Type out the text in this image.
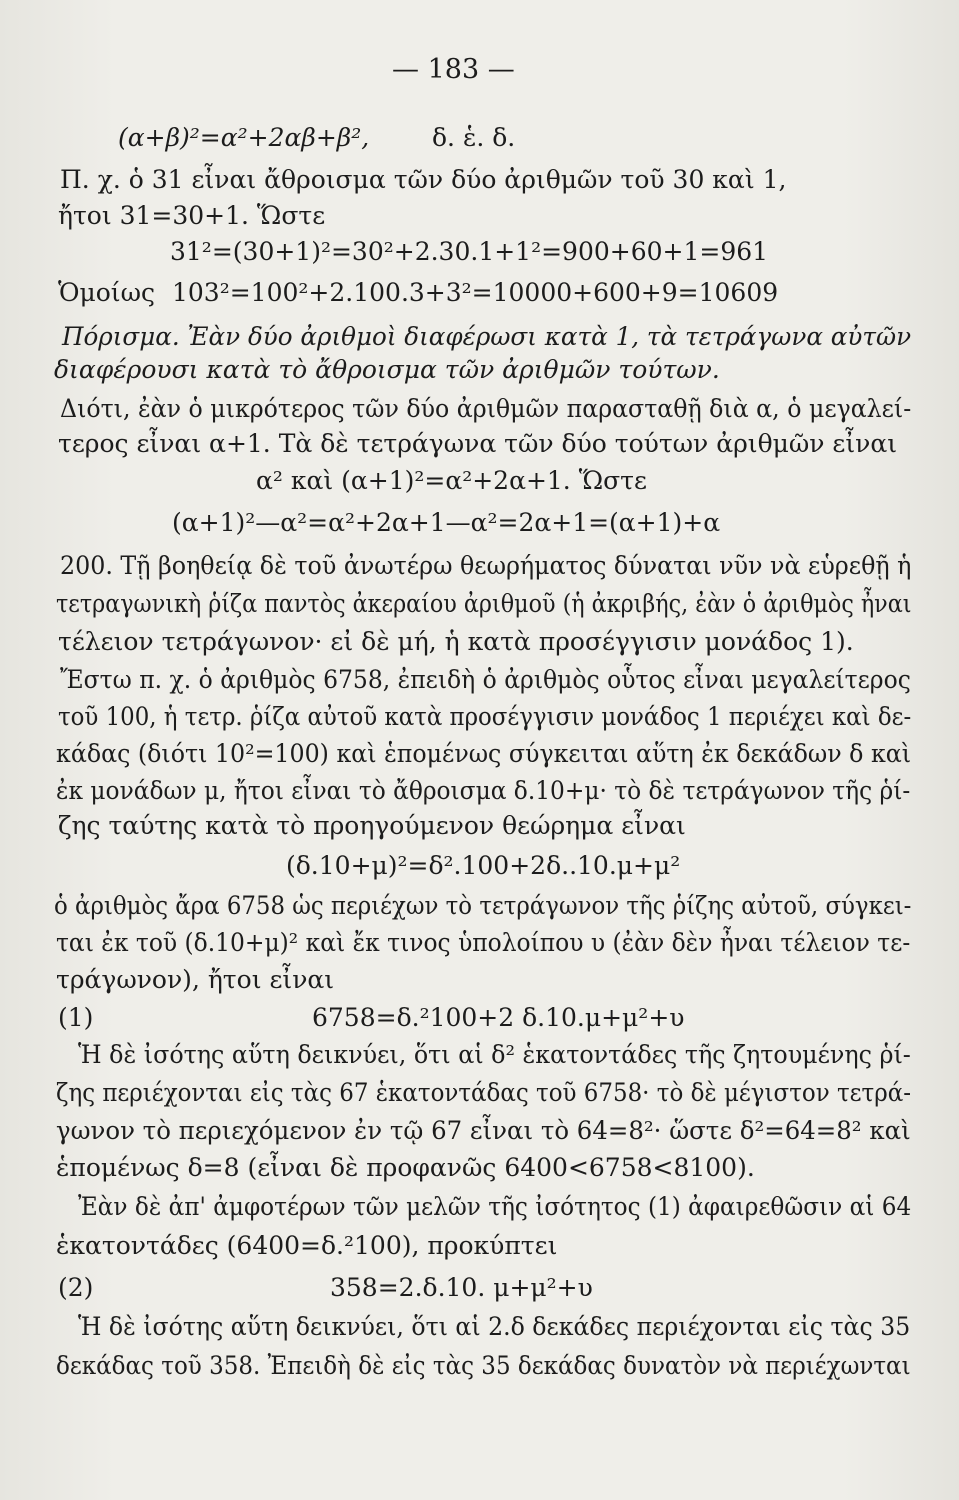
— 183 —
(α+β)²=α²+2αβ+β²,	δ. ἑ. δ.
Π. χ. ὁ 31 εἶναι ἄθροισμα τῶν δύο ἀριθμῶν τοῦ 30 καὶ 1,
ἤτοι 31=30+1. Ὥστε
31²=(30+1)²=30²+2.30.1+1²=900+60+1=961
Ὁμοίως 103²=100²+2.100.3+3²=10000+600+9=10609
Πόρισμα. Ἐὰν δύο ἀριθμοὶ διαφέρωσι κατὰ 1, τὰ τετράγωνα αὐτῶν
διαφέρουσι κατὰ τὸ ἄθροισμα τῶν ἀριθμῶν τούτων.
Διότι, ἐὰν ὁ μικρότερος τῶν δύο ἀριθμῶν παρασταθῇ διὰ α, ὁ μεγαλεί-
τερος εἶναι α+1. Τὰ δὲ τετράγωνα τῶν δύο τούτων ἀριθμῶν εἶναι
α² καὶ (α+1)²=α²+2α+1. Ὥστε
(α+1)²—α²=α²+2α+1—α²=2α+1=(α+1)+α
200. Τῇ βοηθείᾳ δὲ τοῦ ἀνωτέρω θεωρήματος δύναται νῦν νὰ εὑρεθῇ ἡ
τετραγωνικὴ ῥίζα παντὸς ἀκεραίου ἀριθμοῦ (ἡ ἀκριβής, ἐὰν ὁ ἀριθμὸς ἦναι
τέλειον τετράγωνον· εἰ δὲ μή, ἡ κατὰ προσέγγισιν μονάδος 1).
Ἔστω π. χ. ὁ ἀριθμὸς 6758, ἐπειδὴ ὁ ἀριθμὸς οὗτος εἶναι μεγαλείτερος
τοῦ 100, ἡ τετρ. ῥίζα αὐτοῦ κατὰ προσέγγισιν μονάδος 1 περιέχει καὶ δε-
κάδας (διότι 10²=100) καὶ ἑπομένως σύγκειται αὕτη ἐκ δεκάδων δ καὶ
ἐκ μονάδων μ, ἤτοι εἶναι τὸ ἄθροισμα δ.10+μ· τὸ δὲ τετράγωνον τῆς ῥί-
ζης ταύτης κατὰ τὸ προηγούμενον θεώρημα εἶναι
(δ.10+μ)²=δ².100+2δ..10.μ+μ²
ὁ ἀριθμὸς ἄρα 6758 ὡς περιέχων τὸ τετράγωνον τῆς ῥίζης αὐτοῦ, σύγκει-
ται ἐκ τοῦ (δ.10+μ)² καὶ ἔκ τινος ὑπολοίπου υ (ἐὰν δὲν ἦναι τέλειον τε-
τράγωνον), ἤτοι εἶναι
(1)	6758=δ.²100+2 δ.10.μ+μ²+υ
Ἡ δὲ ἰσότης αὕτη δεικνύει, ὅτι αἱ δ² ἑκατοντάδες τῆς ζητουμένης ῥί-
ζης περιέχονται εἰς τὰς 67 ἑκατοντάδας τοῦ 6758· τὸ δὲ μέγιστον τετρά-
γωνον τὸ περιεχόμενον ἐν τῷ 67 εἶναι τὸ 64=8²· ὥστε δ²=64=8² καὶ
ἑπομένως δ=8 (εἶναι δὲ προφανῶς 6400<6758<8100).
Ἐὰν δὲ ἀπ' ἀμφοτέρων τῶν μελῶν τῆς ἰσότητος (1) ἀφαιρεθῶσιν αἱ 64
ἑκατοντάδες (6400=δ.²100), προκύπτει
(2)	358=2.δ.10. μ+μ²+υ
Ἡ δὲ ἰσότης αὕτη δεικνύει, ὅτι αἱ 2.δ δεκάδες περιέχονται εἰς τὰς 35
δεκάδας τοῦ 358. Ἐπειδὴ δὲ εἰς τὰς 35 δεκάδας δυνατὸν νὰ περιέχωνται
